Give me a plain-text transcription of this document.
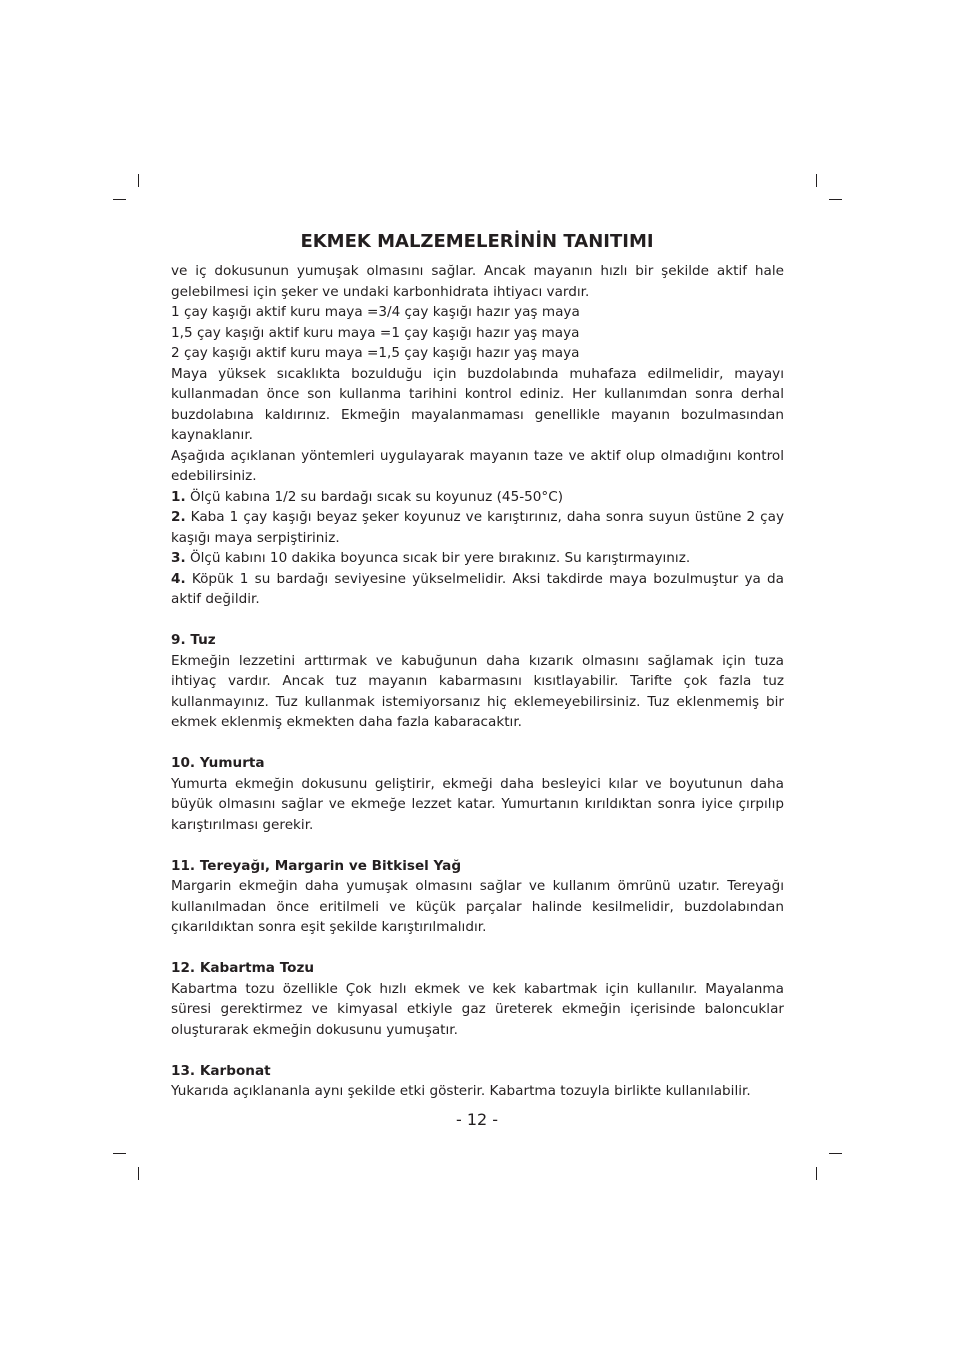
EKMEK MALZEMELERİNİN TANITIMI
ve iç dokusunun yumuşak olmasını sağlar. Ancak mayanın hızlı bir şekilde aktif hale gelebilmesi için şeker ve undaki karbonhidrata ihtiyacı vardır.
1 çay kaşığı aktif kuru maya =3/4 çay kaşığı hazır yaş maya
1,5 çay kaşığı aktif kuru maya =1 çay kaşığı hazır yaş maya
2 çay kaşığı aktif kuru maya =1,5 çay kaşığı hazır yaş maya
Maya yüksek sıcaklıkta bozulduğu için buzdolabında muhafaza edilmelidir, mayayı kullanmadan önce son kullanma tarihini kontrol ediniz. Her kullanımdan sonra derhal buzdolabına kaldırınız. Ekmeğin mayalanmaması genellikle mayanın bozulmasından kaynaklanır.
Aşağıda açıklanan yöntemleri uygulayarak mayanın taze ve aktif olup olmadığını kontrol edebilirsiniz.
1. Ölçü kabına 1/2 su bardağı sıcak su koyunuz (45-50°C)
2. Kaba 1 çay kaşığı beyaz şeker koyunuz ve karıştırınız, daha sonra suyun üstüne 2 çay kaşığı maya serpiştiriniz.
3. Ölçü kabını 10 dakika boyunca sıcak bir yere bırakınız. Su karıştırmayınız.
4. Köpük 1 su bardağı seviyesine yükselmelidir. Aksi takdirde maya bozulmuştur ya da aktif değildir.
9. Tuz
Ekmeğin lezzetini arttırmak ve kabuğunun daha kızarık olmasını sağlamak için tuza ihtiyaç vardır. Ancak tuz mayanın kabarmasını kısıtlayabilir. Tarifte çok fazla tuz kullanmayınız. Tuz kullanmak istemiyorsanız hiç eklemeyebilirsiniz. Tuz eklenmemiş bir ekmek eklenmiş ekmekten daha fazla kabaracaktır.
10. Yumurta
Yumurta ekmeğin dokusunu geliştirir, ekmeği daha besleyici kılar ve boyutunun daha büyük olmasını sağlar ve ekmeğe lezzet katar. Yumurtanın kırıldıktan sonra iyice çırpılıp karıştırılması gerekir.
11. Tereyağı, Margarin ve Bitkisel Yağ
Margarin ekmeğin daha yumuşak olmasını sağlar ve kullanım ömrünü uzatır. Tereyağı kullanılmadan önce eritilmeli ve küçük parçalar halinde kesilmelidir, buzdolabından çıkarıldıktan sonra eşit şekilde karıştırılmalıdır.
12. Kabartma Tozu
Kabartma tozu özellikle Çok hızlı ekmek ve kek kabartmak için kullanılır. Mayalanma süresi gerektirmez ve kimyasal etkiyle gaz üreterek ekmeğin içerisinde baloncuklar oluşturarak ekmeğin dokusunu yumuşatır.
13. Karbonat
Yukarıda açıklananla aynı şekilde etki gösterir. Kabartma tozuyla birlikte kullanılabilir.
- 12 -
